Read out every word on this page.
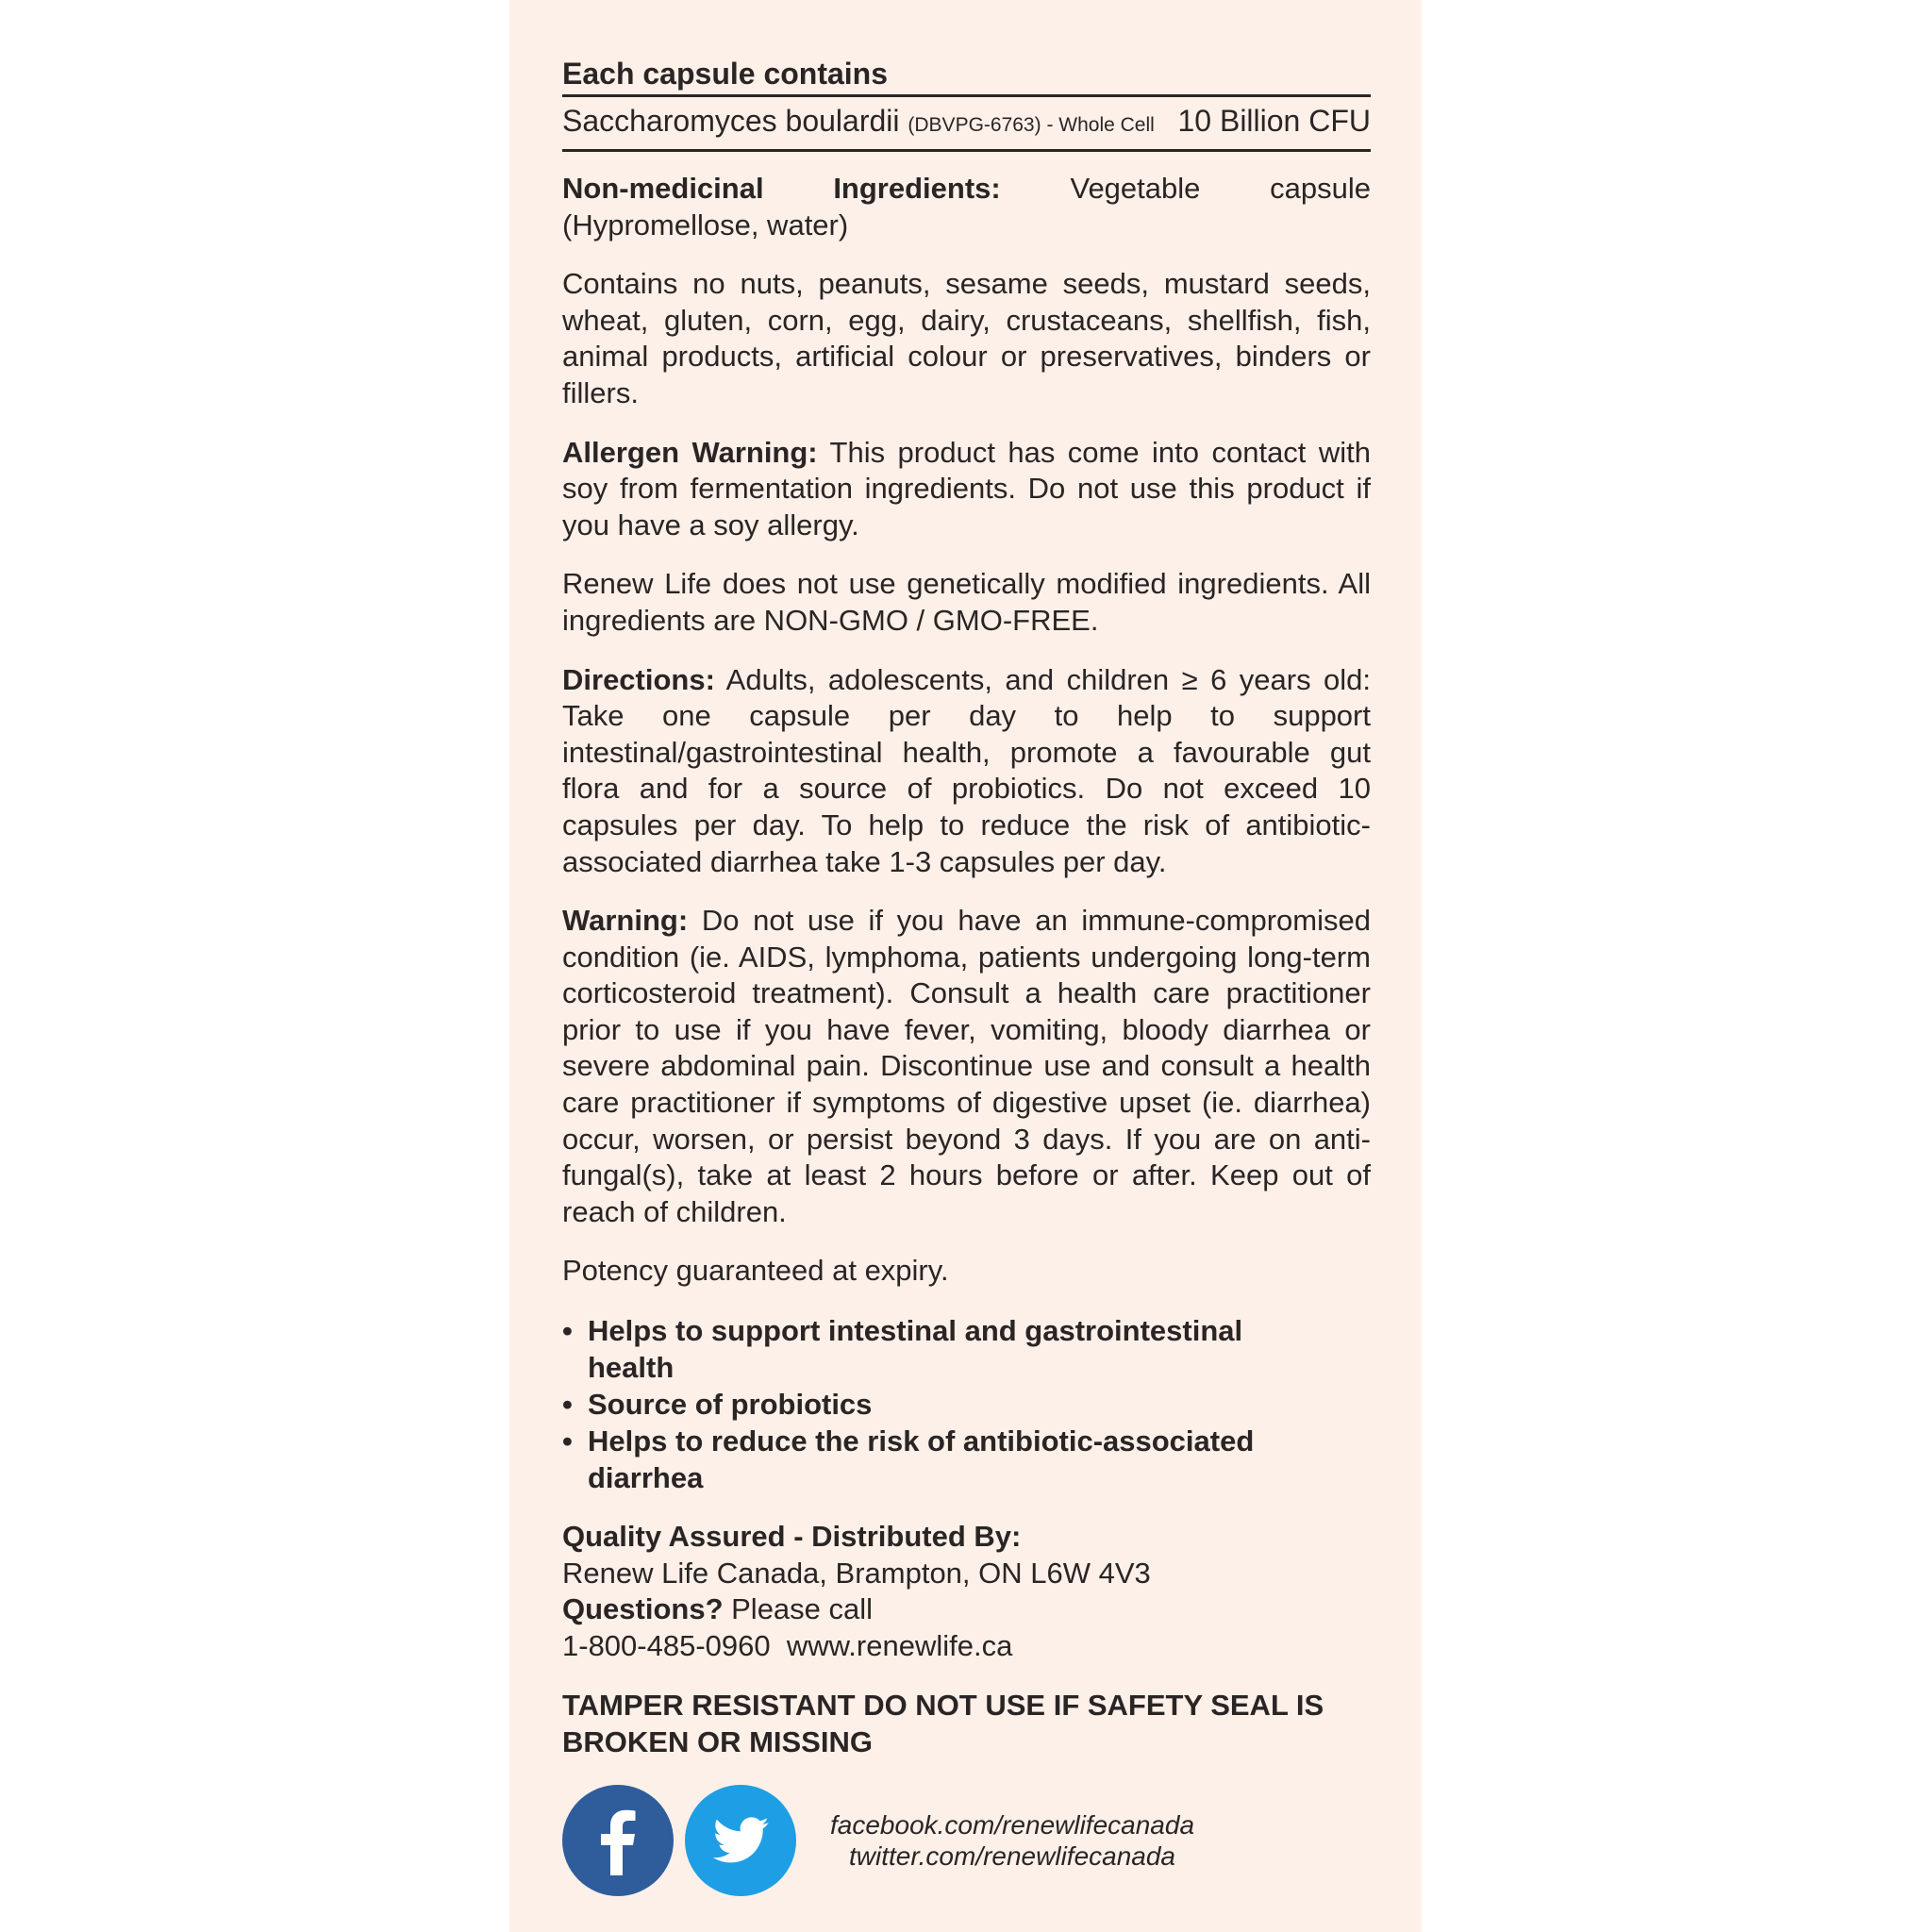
Each capsule contains
Saccharomyces boulardii (DBVPG-6763) - Whole Cell 10 Billion CFU

Non-medicinal Ingredients: Vegetable capsule (Hypromellose, water)

Contains no nuts, peanuts, sesame seeds, mustard seeds, wheat, gluten, corn, egg, dairy, crustaceans, shellfish, fish, animal products, artificial colour or preservatives, binders or fillers.

Allergen Warning: This product has come into contact with soy from fermentation ingredients. Do not use this product if you have a soy allergy.

Renew Life does not use genetically modified ingredients. All ingredients are NON-GMO / GMO-FREE.

Directions: Adults, adolescents, and children ≥ 6 years old: Take one capsule per day to help to support intestinal/gastrointestinal health, promote a favourable gut flora and for a source of probiotics. Do not exceed 10 capsules per day. To help to reduce the risk of antibiotic-associated diarrhea take 1-3 capsules per day.

Warning: Do not use if you have an immune-compromised condition (ie. AIDS, lymphoma, patients undergoing long-term corticosteroid treatment). Consult a health care practitioner prior to use if you have fever, vomiting, bloody diarrhea or severe abdominal pain. Discontinue use and consult a health care practitioner if symptoms of digestive upset (ie. diarrhea) occur, worsen, or persist beyond 3 days. If you are on anti-fungal(s), take at least 2 hours before or after. Keep out of reach of children.

Potency guaranteed at expiry.

• Helps to support intestinal and gastrointestinal health
• Source of probiotics
• Helps to reduce the risk of antibiotic-associated diarrhea
Quality Assured - Distributed By:
Renew Life Canada, Brampton, ON L6W 4V3
Questions? Please call
1-800-485-0960 www.renewlife.ca

TAMPER RESISTANT DO NOT USE IF SAFETY SEAL IS BROKEN OR MISSING

facebook.com/renewlifecanada
twitter.com/renewlifecanada
